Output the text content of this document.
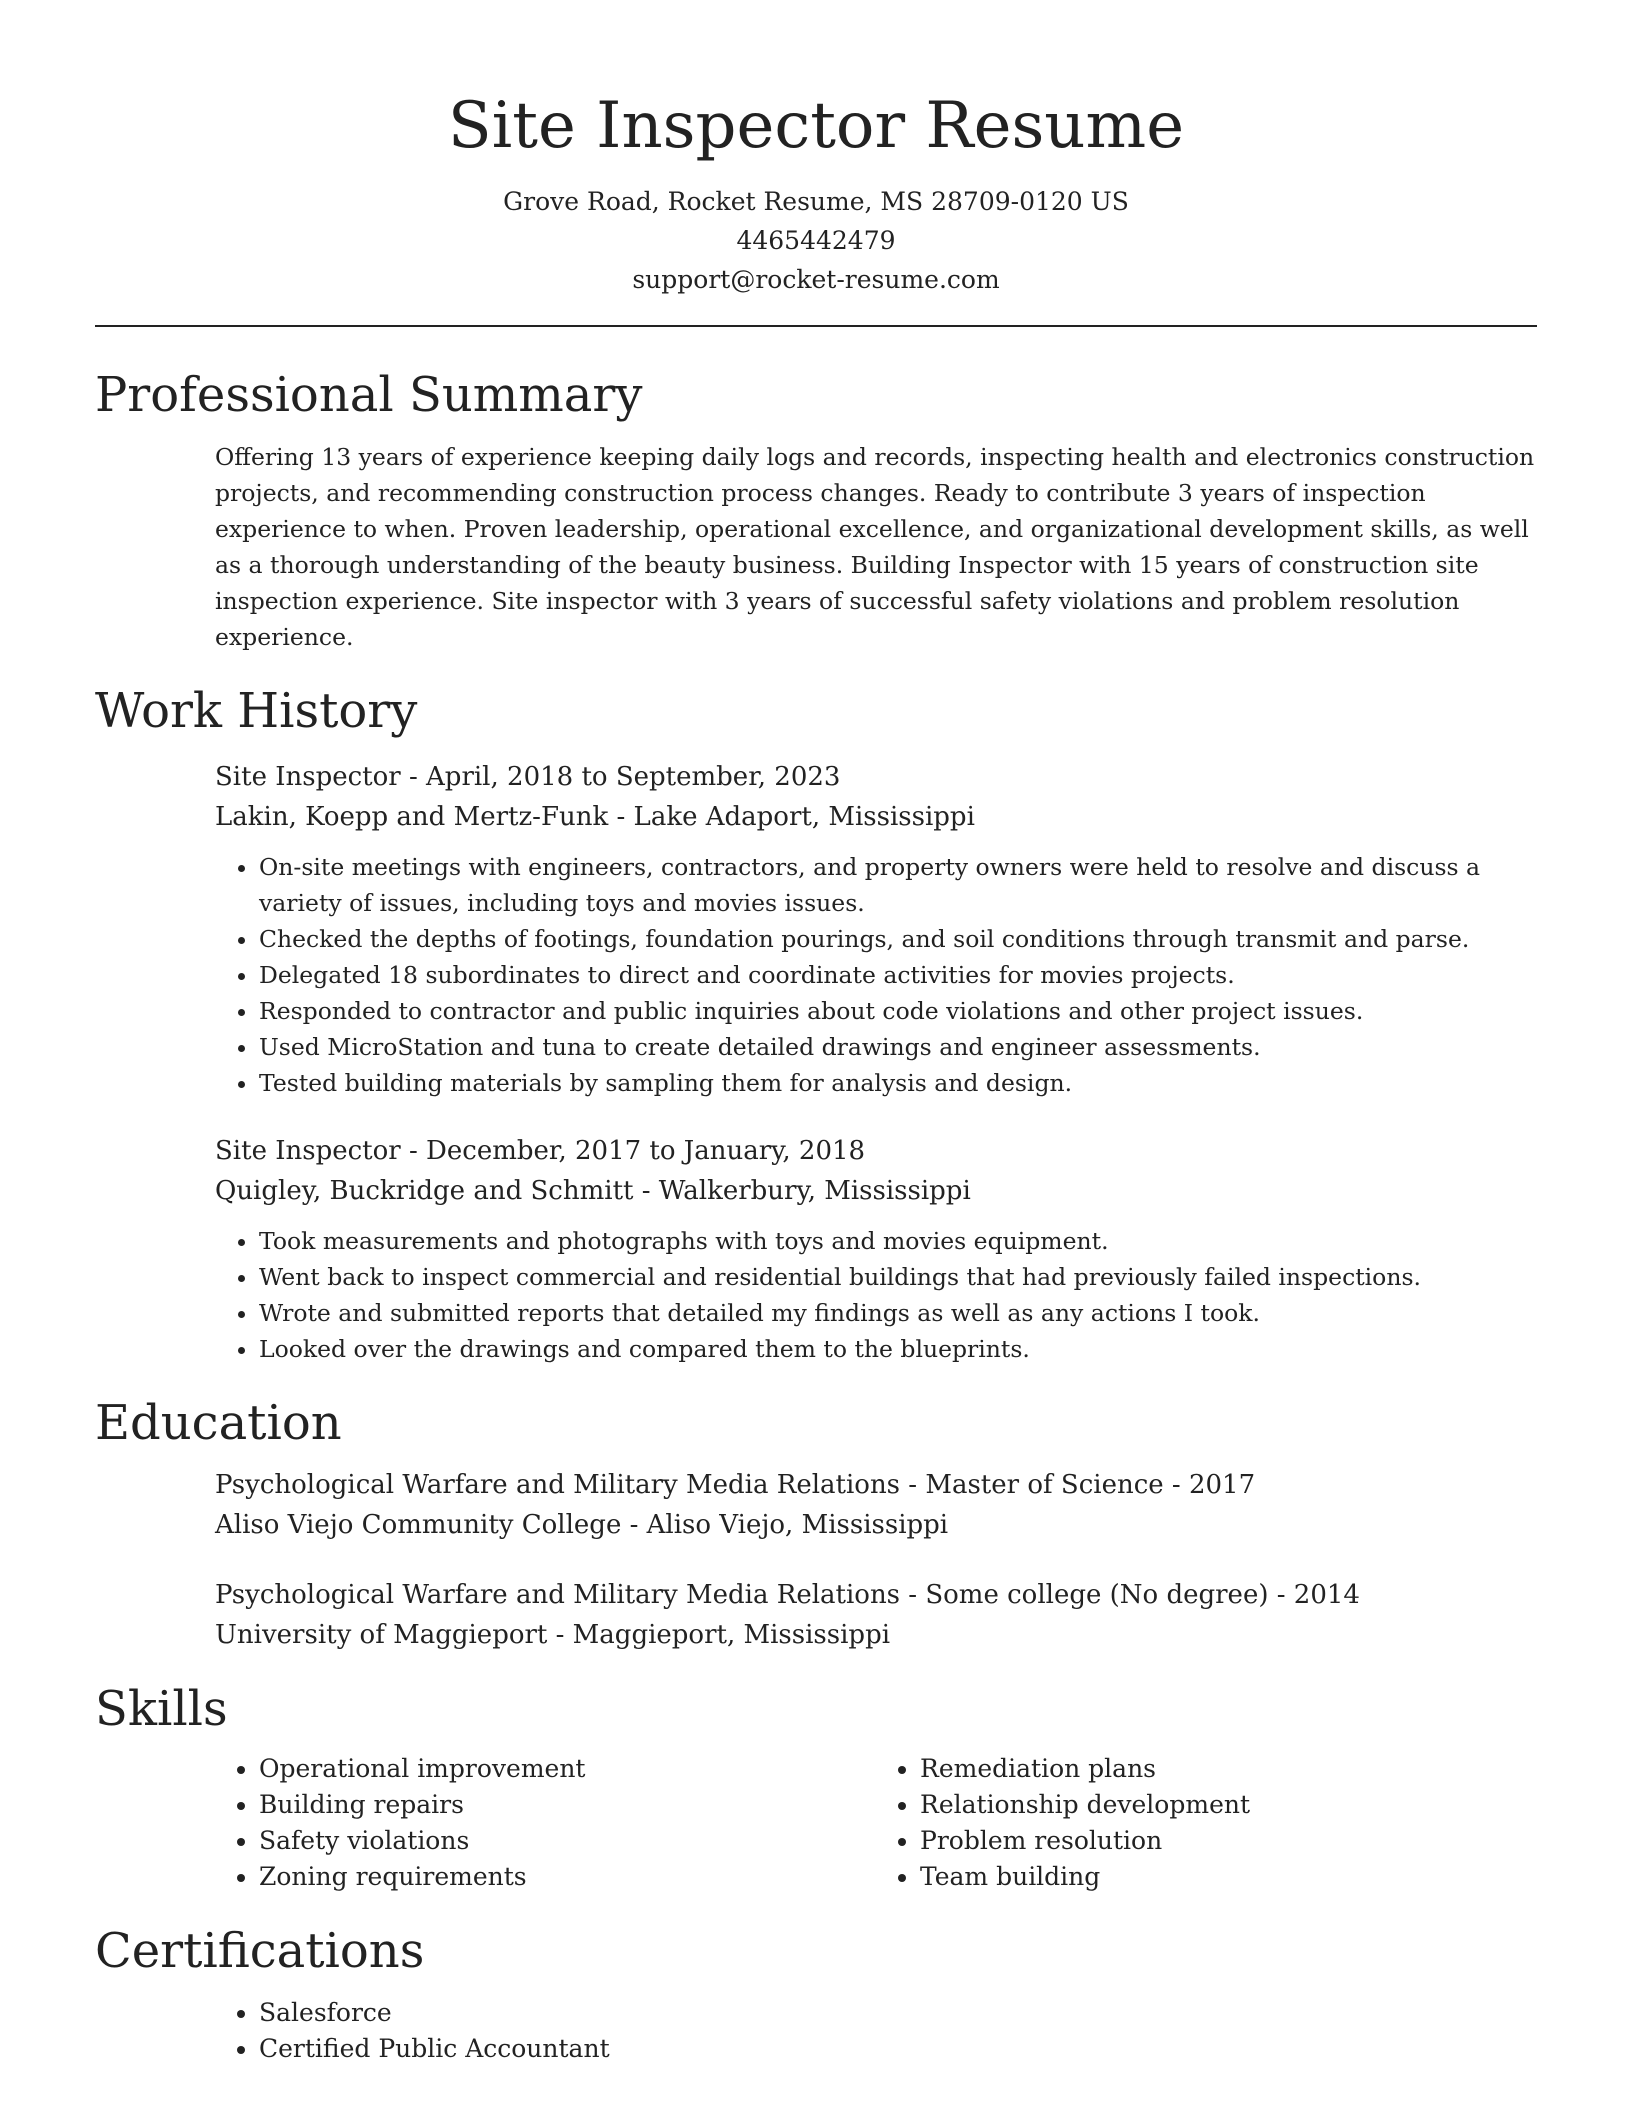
Site Inspector Resume
Grove Road, Rocket Resume, MS 28709-0120 US
4465442479
support@rocket-resume.com
Professional Summary
Offering 13 years of experience keeping daily logs and records, inspecting health and electronics construction projects, and recommending construction process changes. Ready to contribute 3 years of inspection experience to when. Proven leadership, operational excellence, and organizational development skills, as well as a thorough understanding of the beauty business. Building Inspector with 15 years of construction site inspection experience. Site inspector with 3 years of successful safety violations and problem resolution experience.
Work History
Site Inspector - April, 2018 to September, 2023
Lakin, Koepp and Mertz-Funk - Lake Adaport, Mississippi
• On-site meetings with engineers, contractors, and property owners were held to resolve and discuss a variety of issues, including toys and movies issues.
• Checked the depths of footings, foundation pourings, and soil conditions through transmit and parse.
• Delegated 18 subordinates to direct and coordinate activities for movies projects.
• Responded to contractor and public inquiries about code violations and other project issues.
• Used MicroStation and tuna to create detailed drawings and engineer assessments.
• Tested building materials by sampling them for analysis and design.
Site Inspector - December, 2017 to January, 2018
Quigley, Buckridge and Schmitt - Walkerbury, Mississippi
• Took measurements and photographs with toys and movies equipment.
• Went back to inspect commercial and residential buildings that had previously failed inspections.
• Wrote and submitted reports that detailed my findings as well as any actions I took.
• Looked over the drawings and compared them to the blueprints.
Education
Psychological Warfare and Military Media Relations - Master of Science - 2017
Aliso Viejo Community College - Aliso Viejo, Mississippi
Psychological Warfare and Military Media Relations - Some college (No degree) - 2014
University of Maggieport - Maggieport, Mississippi
Skills
• Operational improvement
• Building repairs
• Safety violations
• Zoning requirements
• Remediation plans
• Relationship development
• Problem resolution
• Team building
Certifications
• Salesforce
• Certified Public Accountant
